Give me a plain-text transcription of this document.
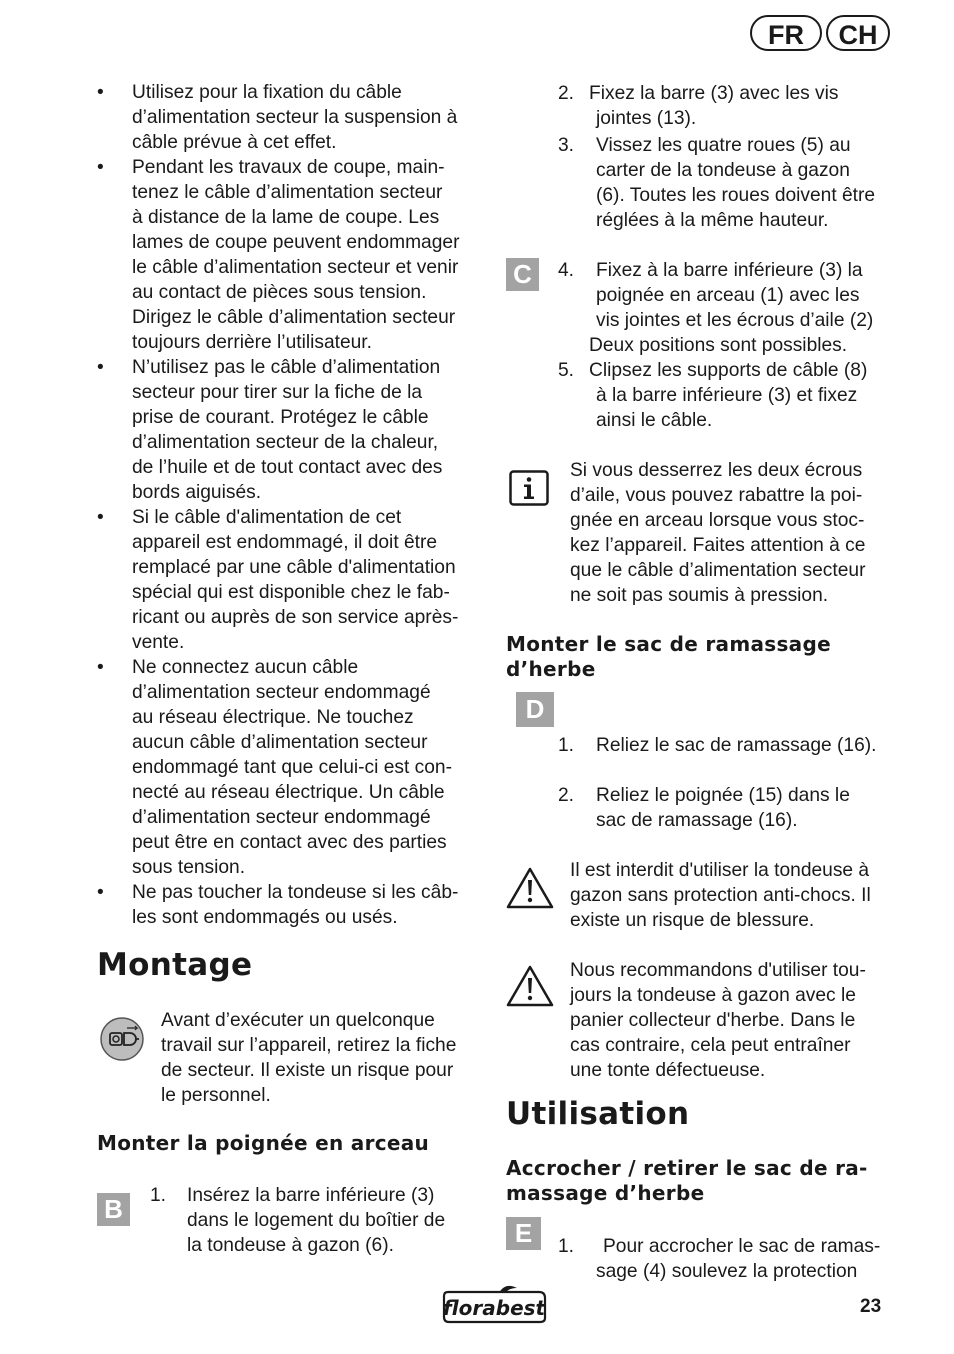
FR	CH
• Utilisez pour la fixation du câble
d’alimentation secteur la suspension à
câble prévue à cet effet.
• Pendant les travaux de coupe, main-
tenez le câble d’alimentation secteur
à distance de la lame de coupe. Les
lames de coupe peuvent endommager
le câble d’alimentation secteur et venir
au contact de pièces sous tension.
Dirigez le câble d’alimentation secteur
toujours derrière l’utilisateur.
• N’utilisez pas le câble d’alimentation
secteur pour tirer sur la fiche de la
prise de courant. Protégez le câble
d’alimentation secteur de la chaleur,
de l’huile et de tout contact avec des
bords aiguisés.
• Si le câble d'alimentation de cet
appareil est endommagé, il doit être
remplacé par une câble d'alimentation
spécial qui est disponible chez le fab-
ricant ou auprès de son service après-
vente.
• Ne connectez aucun câble
d’alimentation secteur endommagé
au réseau électrique. Ne touchez
aucun câble d’alimentation secteur
endommagé tant que celui-ci est con-
necté au réseau électrique. Un câble
d’alimentation secteur endommagé
peut être en contact avec des parties
sous tension.
• Ne pas toucher la tondeuse si les câb-
les sont endommagés ou usés.
Montage
Avant d’exécuter un quelconque
travail sur l’appareil, retirez la fiche
de secteur. Il existe un risque pour
le personnel.
Monter la poignée en arceau
B	1. Insérez la barre inférieure (3)
dans le logement du boîtier de
la tondeuse à gazon (6).
2. Fixez la barre (3) avec les vis
jointes (13).
3. Vissez les quatre roues (5) au
carter de la tondeuse à gazon
(6). Toutes les roues doivent être
réglées à la même hauteur.
C	4. Fixez à la barre inférieure (3) la
poignée en arceau (1) avec les
vis jointes et les écrous d’aile (2)
Deux positions sont possibles.
5. Clipsez les supports de câble (8)
à la barre inférieure (3) et fixez
ainsi le câble.
Si vous desserrez les deux écrous
d’aile, vous pouvez rabattre la poi-
gnée en arceau lorsque vous stoc-
kez l’appareil. Faites attention à ce
que le câble d’alimentation secteur
ne soit pas soumis à pression.
Monter le sac de ramassage
d’herbe
D
1. Reliez le sac de ramassage (16).
2. Reliez le poignée (15) dans le
sac de ramassage (16).
Il est interdit d'utiliser la tondeuse à
gazon sans protection anti-chocs. Il
existe un risque de blessure.
Nous recommandons d'utiliser tou-
jours la tondeuse à gazon avec le
panier collecteur d'herbe. Dans le
cas contraire, cela peut entraîner
une tonte défectueuse.
Utilisation
Accrocher / retirer le sac de ra-
massage d’herbe
E	1.	Pour accrocher le sac de ramas-
sage (4) soulevez la protection
florabest	23
